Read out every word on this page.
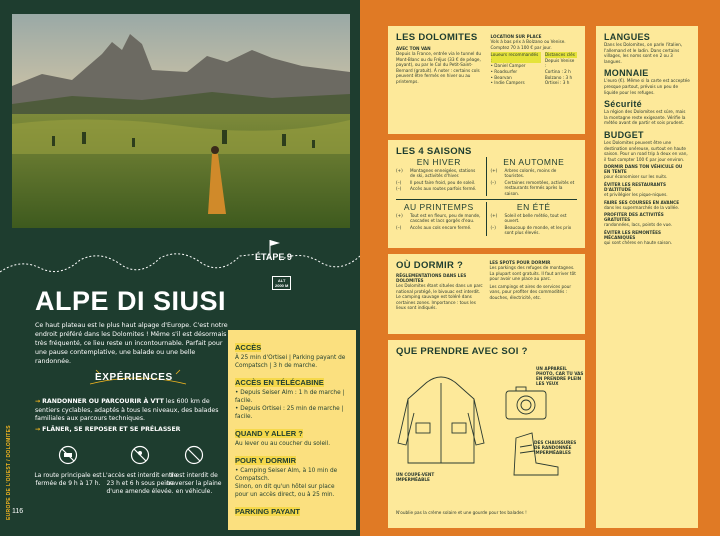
ÉTAPE 9
ALT
2000 M
ALPE DI SIUSI
Ce haut plateau est le plus haut alpage d'Europe. C'est notre endroit préféré dans les Dolomites ! Même s'il est désormais très fréquenté, ce lieu reste un incontournable. Parfait pour une pause contemplative, une balade ou une belle randonnée.
EXPÉRIENCES
→ RANDONNER OU PARCOURIR À VTT les 600 km de sentiers cyclables, adaptés à tous les niveaux, des balades familiales aux parcours techniques.
→ FLÂNER, SE REPOSER ET SE PRÉLASSER
La route principale est fermée de 9 h à 17 h.
L'accès est interdit entre 23 h et 6 h sous peine d'une amende élevée.
Il est interdit de traverser la plaine en véhicule.
EUROPE DE L'OUEST / DOLOMITES 116
ACCÈS
À 25 min d'Ortisei | Parking payant de Compatsch | 3 h de marche.
ACCÈS EN TÉLÉCABINE
• Depuis Seiser Alm : 1 h de marche | facile.
• Depuis Ortisei : 25 min de marche | facile.
QUAND Y ALLER ?
Au lever ou au coucher du soleil.
POUR Y DORMIR
• Camping Seiser Alm, à 10 min de Compatsch.
Sinon, on dit qu'un hôtel sur place pour un accès direct, ou à 25 min.
PARKING PAYANT
LES DOLOMITES
AVEC TON VAN
Depuis la France, entrée via le tunnel du Mont-Blanc ou du Fréjus (33 € de péage, payant), ou par le Col du Petit-Saint-Bernard (gratuit). À noter : certains cols peuvent être fermés en hiver ou au printemps.
LOCATION SUR PLACE
Vols à bas prix à Bolzano ou Venise. Comptez 70 à 100 € par jour.
Loueurs recommandés :
• Daniel Camper
• Roadsurfer
• Bearvan
• Indie Campers
Distances clés
Depuis Venise :
Cortina : 2 h
Bolzano : 3 h
Ortisei : 3 h
LES 4 SAISONS
EN HIVER
(+)	Montagnes enneigées, stations de ski, activités d'hiver.
(–)	Il peut faire froid, peu de soleil.
(–)	Accès aux routes parfois fermé.
EN AUTOMNE
(+)	Arbres colorés, moins de touristes.
(–)	Certaines remontées, activités et restaurants fermés après la saison.
AU PRINTEMPS
(+)	Tout est en fleurs, peu de monde, cascades et lacs gorgés d'eau.
(–)	Accès aux cols encore fermé.
EN ÉTÉ
(+)	Soleil et belle météo, tout est ouvert.
(–)	Beaucoup de monde, et les prix sont plus élevés.
OÙ DORMIR ?
RÉGLEMENTATIONS DANS LES DOLOMITES
Les Dolomites étant situées dans un parc national protégé, le bivouac est interdit. Le camping sauvage est toléré dans certaines zones. Importance : tous les lieux sont indiqués.
LES SPOTS POUR DORMIR
Les parkings des refuges de montagnes. La plupart sont gratuits. Il faut arriver tôt pour avoir une place au parc.
Les campings et aires de services pour vans, pour profiter des commodités : douches, électricité, etc.
QUE PRENDRE AVEC SOI ?
UN APPAREIL PHOTO, CAR TU VAS EN PRENDRE PLEIN LES YEUX
DES CHAUSSURES DE RANDONNÉE IMPERMÉABLES
UN COUPE-VENT IMPERMÉABLE
N'oublie pas la crème solaire et une gourde pour tes balades !
LANGUES
Dans les Dolomites, on parle l'italien, l'allemand et le ladin. Dans certains villages, les noms sont en 2 ou 3 langues.
MONNAIE
L'euro (€). Même si la carte est acceptée presque partout, prévois un peu de liquide pour les refuges.
Sécurité
La région des Dolomites est sûre, mais la montagne reste exigeante. Vérifie la météo avant de partir et sois prudent.
BUDGET
Les Dolomites peuvent être une destination onéreuse, surtout en haute saison. Pour un road trip à deux en van, il faut compter 100 € par jour environ.
DORMIR DANS TON VÉHICULE OU EN TENTE
pour économiser sur les nuits.
ÉVITER LES RESTAURANTS D'ALTITUDE
et privilégier les pique-niques.
FAIRE SES COURSES EN AVANCE
dans les supermarchés de la vallée.
PROFITER DES ACTIVITÉS GRATUITES
randonnées, lacs, points de vue.
ÉVITER LES REMONTÉES MÉCANIQUES
qui sont chères en haute saison.
